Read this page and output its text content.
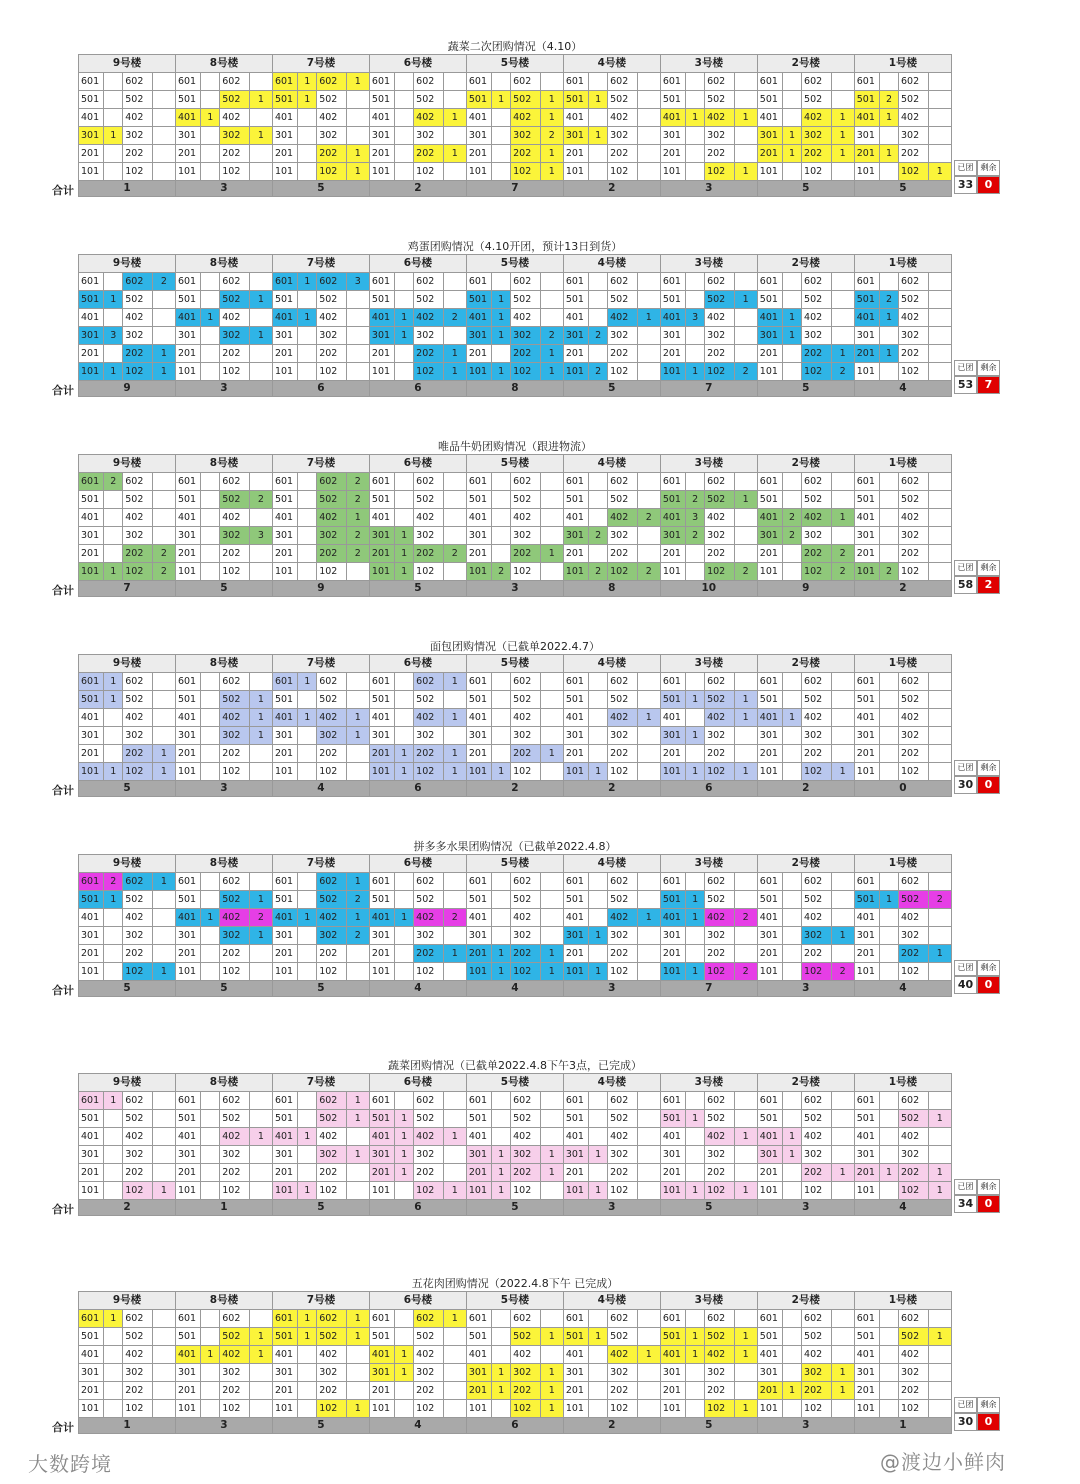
蔬菜二次团购情况（4.10）
9号楼				8号楼				7号楼				6号楼				5号楼				4号楼				3号楼				2号楼				1号楼			
601		602		601		602		601	1	602	1	601		602		601		602		601		602		601		602		601		602		601		602	
501		502		501		502	1	501	1	502		501		502		501	1	502	1	501	1	502		501		502		501		502		501	2	502	
401		402		401	1	402		401		402		401		402	1	401		402	1	401		402		401	1	402	1	401		402	1	401	1	402	
301	1	302		301		302	1	301		302		301		302		301		302	2	301	1	302		301		302		301	1	302	1	301		302	
201		202		201		202		201		202	1	201		202	1	201		202	1	201		202		201		202		201	1	202	1	201	1	202	
101		102		101		102		101		102	1	101		102		101		102	1	101		102		101		102	1	101		102		101		102	1
1				3				5				2				7				2				3				5				5			
合计
已团 剩余
33	0
鸡蛋团购情况（4.10开团，预计13日到货）
9号楼				8号楼				7号楼				6号楼				5号楼				4号楼				3号楼				2号楼				1号楼			
601		602	2	601		602		601	1	602	3	601		602		601		602		601		602		601		602		601		602		601		602	
501	1	502		501		502	1	501		502		501		502		501	1	502		501		502		501		502	1	501		502		501	2	502	
401		402		401	1	402		401	1	402		401	1	402	2	401	1	402		401		402	1	401	3	402		401	1	402		401	1	402	
301	3	302		301		302	1	301		302		301	1	302		301	1	302	2	301	2	302		301		302		301	1	302		301		302	
201		202	1	201		202		201		202		201		202	1	201		202	1	201		202		201		202		201		202	1	201	1	202	
101	1	102	1	101		102		101		102		101		102	1	101	1	102	1	101	2	102		101	1	102	2	101		102	2	101		102	
9				3				6				6				8				5				7				5				4			
合计
已团 剩余
53	7
唯品牛奶团购情况（跟进物流）
9号楼				8号楼				7号楼				6号楼				5号楼				4号楼				3号楼				2号楼				1号楼			
601	2	602		601		602		601		602	2	601		602		601		602		601		602		601		602		601		602		601		602	
501		502		501		502	2	501		502	2	501		502		501		502		501		502		501	2	502	1	501		502		501		502	
401		402		401		402		401		402	1	401		402		401		402		401		402	2	401	3	402		401	2	402	1	401		402	
301		302		301		302	3	301		302	2	301	1	302		301		302		301	2	302		301	2	302		301	2	302		301		302	
201		202	2	201		202		201		202	2	201	1	202	2	201		202	1	201		202		201		202		201		202	2	201		202	
101	1	102	2	101		102		101		102		101	1	102		101	2	102		101	2	102	2	101		102	2	101		102	2	101	2	102	
7				5				9				5				3				8				10				9				2			
合计
已团 剩余
58	2
面包团购情况（已截单2022.4.7）
9号楼				8号楼				7号楼				6号楼				5号楼				4号楼				3号楼				2号楼				1号楼			
601	1	602		601		602		601	1	602		601		602	1	601		602		601		602		601		602		601		602		601		602	
501	1	502		501		502	1	501		502		501		502		501		502		501		502		501	1	502	1	501		502		501		502	
401		402		401		402	1	401	1	402	1	401		402	1	401		402		401		402	1	401		402	1	401	1	402		401		402	
301		302		301		302	1	301		302	1	301		302		301		302		301		302		301	1	302		301		302		301		302	
201		202	1	201		202		201		202		201	1	202	1	201		202	1	201		202		201		202		201		202		201		202	
101	1	102	1	101		102		101		102		101	1	102	1	101	1	102		101	1	102		101	1	102	1	101		102	1	101		102	
5				3				4				6				2				2				6				2				0			
合计
已团 剩余
30	0
拼多多水果团购情况（已截单2022.4.8）
9号楼				8号楼				7号楼				6号楼				5号楼				4号楼				3号楼				2号楼				1号楼			
601	2	602	1	601		602		601		602	1	601		602		601		602		601		602		601		602		601		602		601		602	
501	1	502		501		502	1	501		502	2	501		502		501		502		501		502		501	1	502		501		502		501	1	502	2
401		402		401	1	402	2	401	1	402	1	401	1	402	2	401		402		401		402	1	401	1	402	2	401		402		401		402	
301		302		301		302	1	301		302	2	301		302		301		302		301	1	302		301		302		301		302	1	301		302	
201		202		201		202		201		202		201		202	1	201	1	202	1	201		202		201		202		201		202		201		202	1
101		102	1	101		102		101		102		101		102		101	1	102	1	101	1	102		101	1	102	2	101		102	2	101		102	
5				5				5				4				4				3				7				3				4			
合计
已团 剩余
40	0
蔬菜团购情况（已截单2022.4.8下午3点，已完成）
9号楼				8号楼				7号楼				6号楼				5号楼				4号楼				3号楼				2号楼				1号楼			
601	1	602		601		602		601		602	1	601		602		601		602		601		602		601		602		601		602		601		602	
501		502		501		502		501		502	1	501	1	502		501		502		501		502		501	1	502		501		502		501		502	1
401		402		401		402	1	401	1	402		401	1	402	1	401		402		401		402		401		402	1	401	1	402		401		402	
301		302		301		302		301		302	1	301	1	302		301	1	302	1	301	1	302		301		302		301	1	302		301		302	
201		202		201		202		201		202		201	1	202		201	1	202	1	201		202		201		202		201		202	1	201	1	202	1
101		102	1	101		102		101	1	102		101		102	1	101	1	102		101	1	102		101	1	102	1	101		102		101		102	1
2				1				5				6				5				3				5				3				4			
合计
已团 剩余
34	0
五花肉团购情况（2022.4.8下午 已完成）
9号楼				8号楼				7号楼				6号楼				5号楼				4号楼				3号楼				2号楼				1号楼			
601	1	602		601		602		601	1	602	1	601		602	1	601		602		601		602		601		602		601		602		601		602	
501		502		501		502	1	501	1	502	1	501		502		501		502	1	501	1	502		501	1	502	1	501		502		501		502	1
401		402		401	1	402	1	401		402		401	1	402		401		402		401		402	1	401	1	402	1	401		402		401		402	
301		302		301		302		301		302		301	1	302		301	1	302	1	301		302		301		302		301		302	1	301		302	
201		202		201		202		201		202		201		202		201	1	202	1	201		202		201		202		201	1	202	1	201		202	
101		102		101		102		101		102	1	101		102		101		102	1	101		102		101		102	1	101		102		101		102	
1				3				5				4				6				2				5				3				1			
合计
已团 剩余
30	0
大数跨境	@渡边小鲜肉
